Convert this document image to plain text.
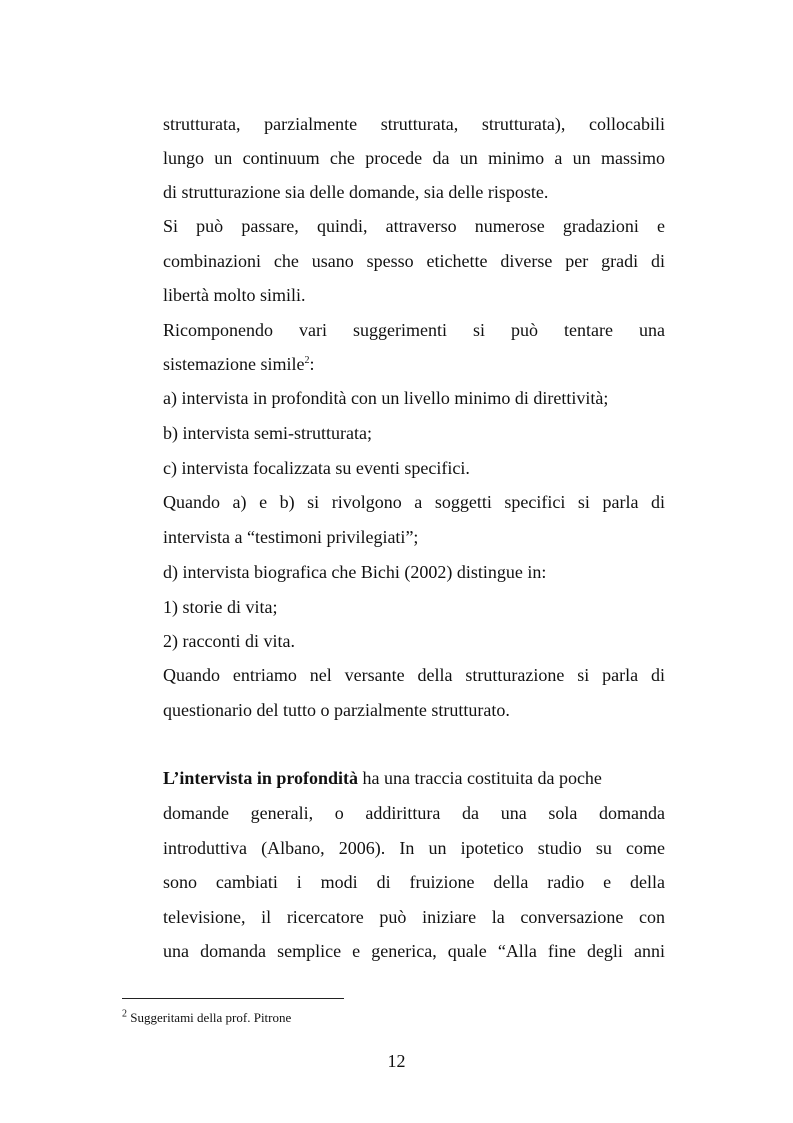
strutturata, parzialmente strutturata, strutturata), collocabili
lungo un continuum che procede da un minimo a un massimo
di strutturazione sia delle domande, sia delle risposte.
Si può passare, quindi, attraverso numerose gradazioni e
combinazioni che usano spesso etichette diverse per gradi di
libertà molto simili.
Ricomponendo vari suggerimenti si può tentare una
sistemazione simile$^2$:
a) intervista in profondità con un livello minimo di direttività;
b) intervista semi-strutturata;
c) intervista focalizzata su eventi specifici.
Quando a) e b) si rivolgono a soggetti specifici si parla di
intervista a “testimoni privilegiati”;
d) intervista biografica che Bichi (2002) distingue in:
1) storie di vita;
2) racconti di vita.
Quando entriamo nel versante della strutturazione si parla di
questionario del tutto o parzialmente strutturato.
L’intervista in profondità ha una traccia costituita da poche
domande generali, o addirittura da una sola domanda
introduttiva (Albano, 2006). In un ipotetico studio su come
sono cambiati i modi di fruizione della radio e della
televisione, il ricercatore può iniziare la conversazione con
una domanda semplice e generica, quale “Alla fine degli anni
$^2$ Suggeritami della prof. Pitrone
12
